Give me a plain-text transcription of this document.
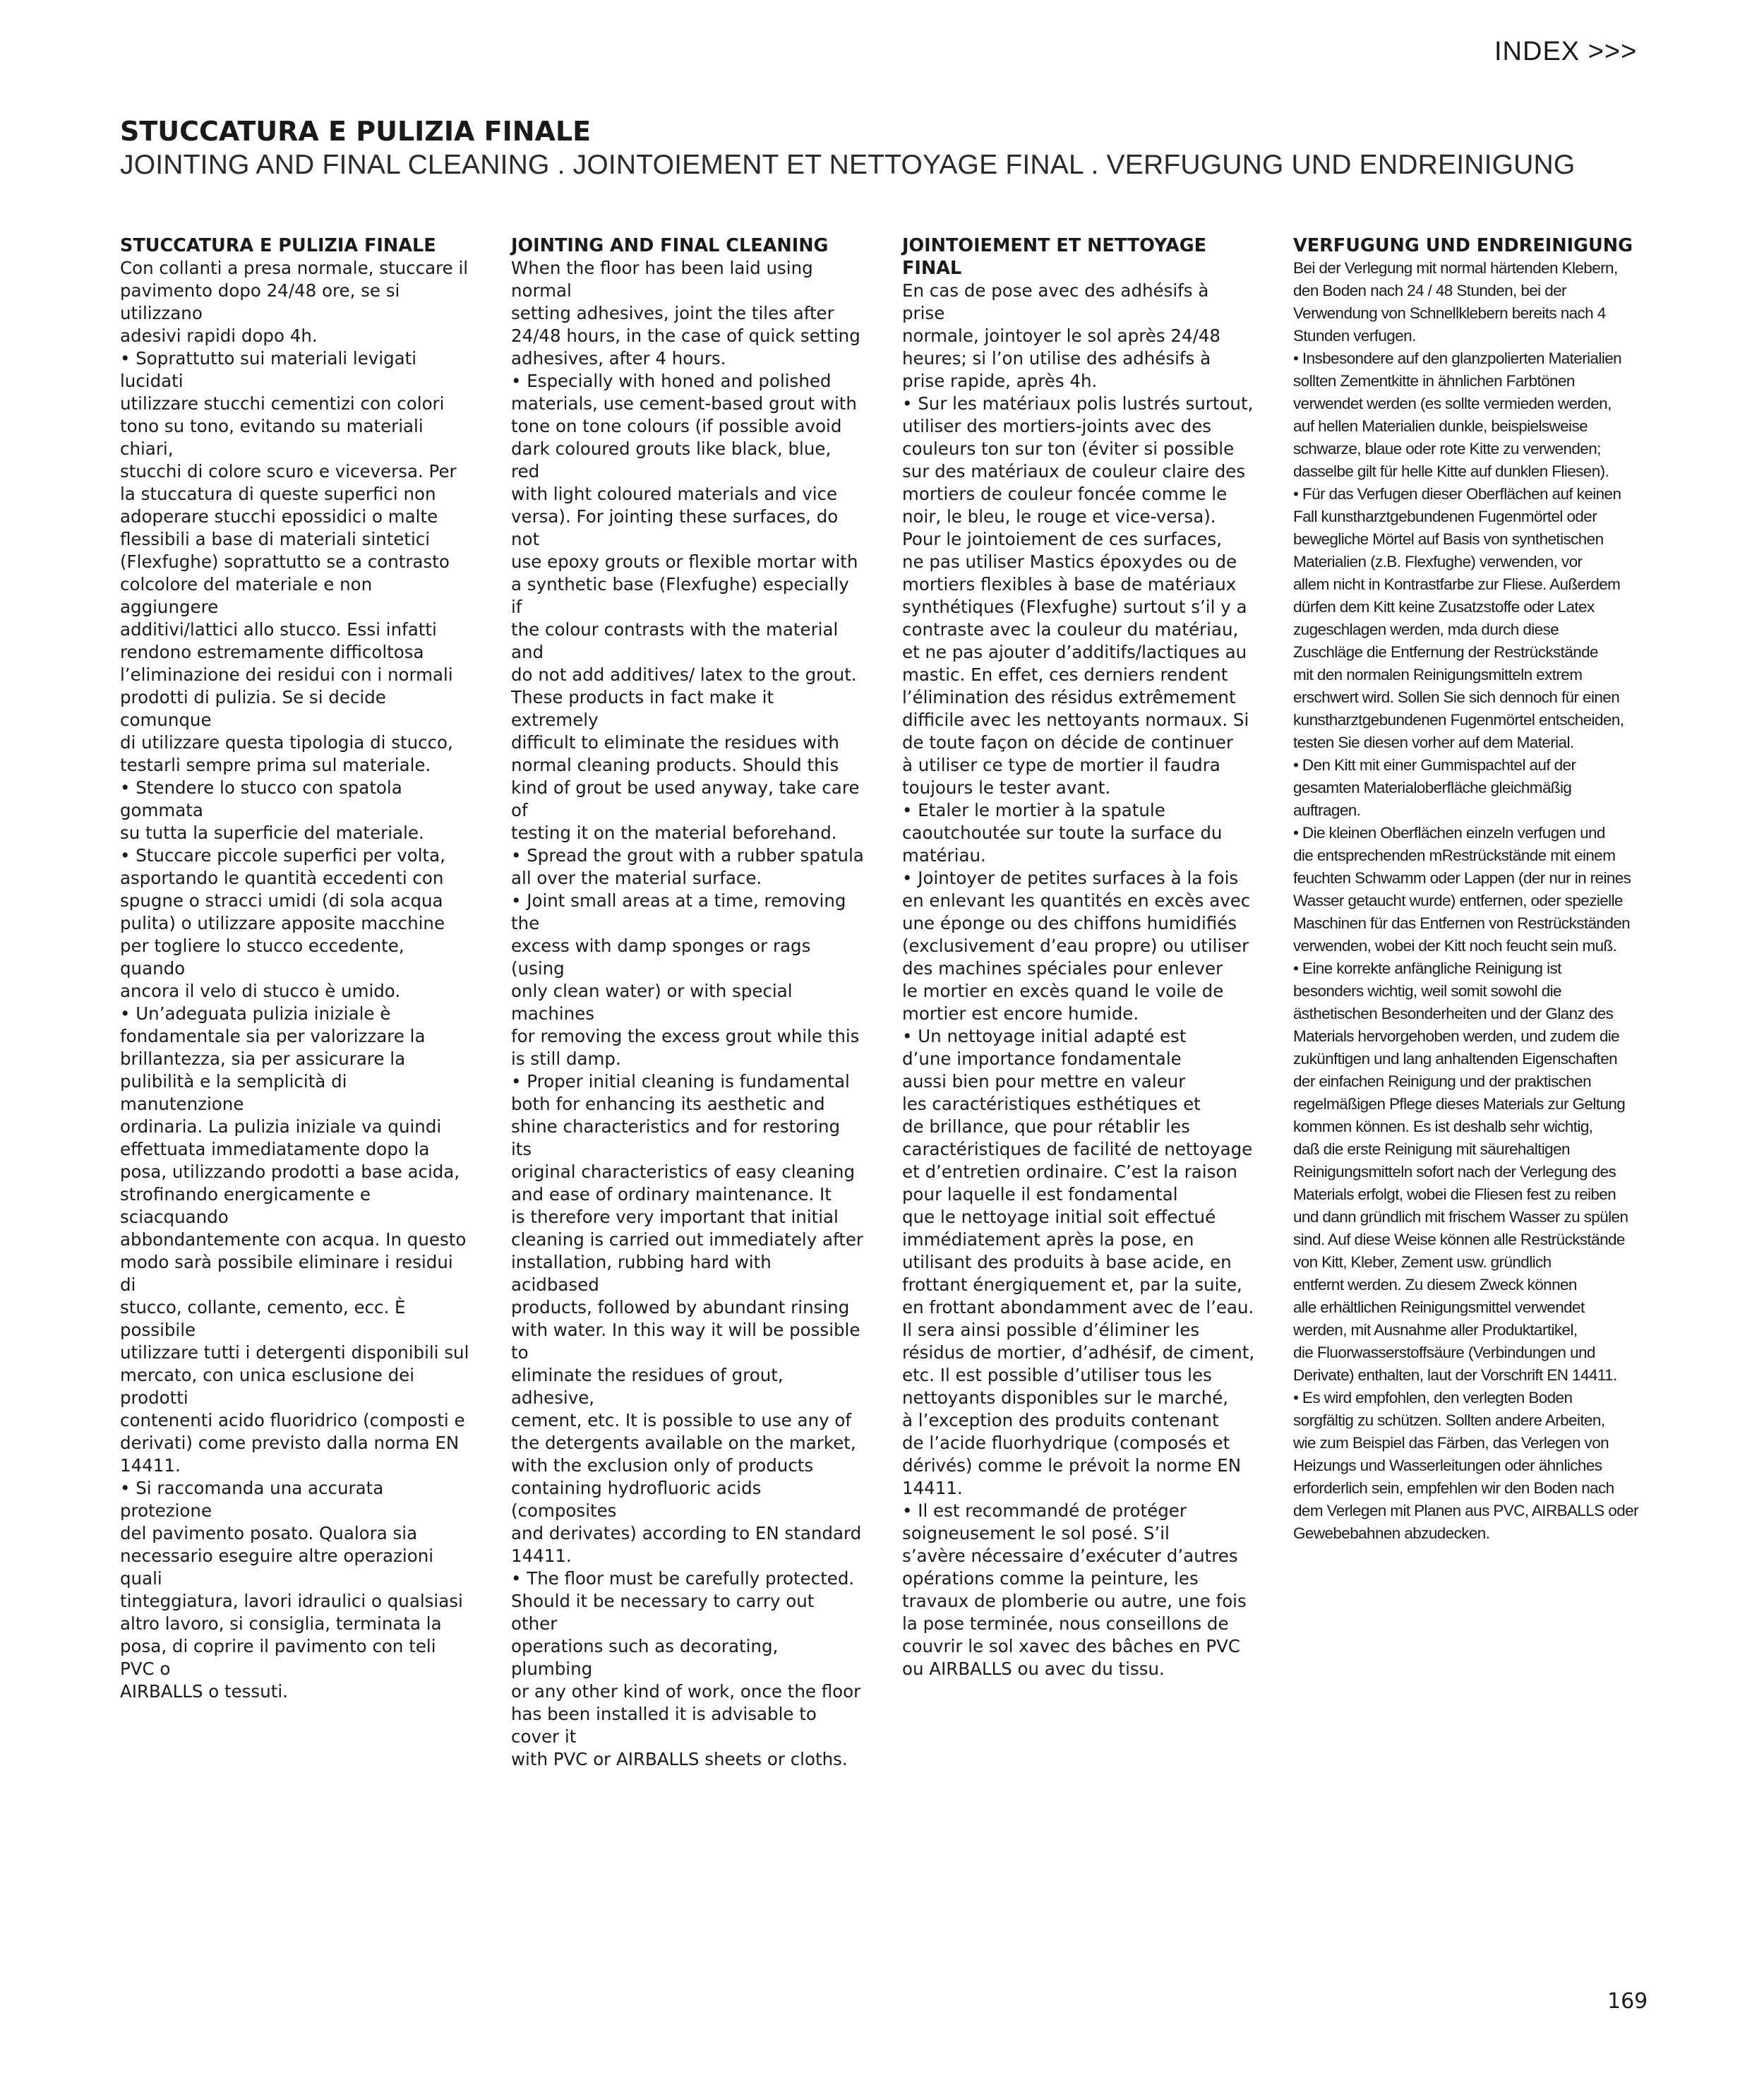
INDEX >>>
STUCCATURA E PULIZIA FINALE
JOINTING AND FINAL CLEANING . JOINTOIEMENT ET NETTOYAGE FINAL . VERFUGUNG UND ENDREINIGUNG
STUCCATURA E PULIZIA FINALE

Con collanti a presa normale, stuccare il
pavimento dopo 24/48 ore, se si utilizzano
adesivi rapidi dopo 4h.
• Soprattutto sui materiali levigati lucidati
utilizzare stucchi cementizi con colori
tono su tono, evitando su materiali chiari,
stucchi di colore scuro e viceversa. Per
la stuccatura di queste superfici non
adoperare stucchi epossidici o malte
flessibili a base di materiali sintetici
(Flexfughe) soprattutto se a contrasto
colcolore del materiale e non aggiungere
additivi/lattici allo stucco. Essi infatti
rendono estremamente difficoltosa
l’eliminazione dei residui con i normali
prodotti di pulizia. Se si decide comunque
di utilizzare questa tipologia di stucco,
testarli sempre prima sul materiale.
• Stendere lo stucco con spatola gommata
su tutta la superficie del materiale.
• Stuccare piccole superfici per volta,
asportando le quantità eccedenti con
spugne o stracci umidi (di sola acqua
pulita) o utilizzare apposite macchine
per togliere lo stucco eccedente, quando
ancora il velo di stucco è umido.
• Un’adeguata pulizia iniziale è
fondamentale sia per valorizzare la
brillantezza, sia per assicurare la
pulibilità e la semplicità di manutenzione
ordinaria. La pulizia iniziale va quindi
effettuata immediatamente dopo la
posa, utilizzando prodotti a base acida,
strofinando energicamente e sciacquando
abbondantemente con acqua. In questo
modo sarà possibile eliminare i residui di
stucco, collante, cemento, ecc. È possibile
utilizzare tutti i detergenti disponibili sul
mercato, con unica esclusione dei prodotti
contenenti acido fluoridrico (composti e
derivati) come previsto dalla norma EN
14411.
• Si raccomanda una accurata protezione
del pavimento posato. Qualora sia
necessario eseguire altre operazioni quali
tinteggiatura, lavori idraulici o qualsiasi
altro lavoro, si consiglia, terminata la
posa, di coprire il pavimento con teli PVC o
AIRBALLS o tessuti.

JOINTING AND FINAL CLEANING

When the floor has been laid using normal
setting adhesives, joint the tiles after
24/48 hours, in the case of quick setting
adhesives, after 4 hours.
• Especially with honed and polished
materials, use cement-based grout with
tone on tone colours (if possible avoid
dark coloured grouts like black, blue, red
with light coloured materials and vice
versa). For jointing these surfaces, do not
use epoxy grouts or flexible mortar with
a synthetic base (Flexfughe) especially if
the colour contrasts with the material and
do not add additives/ latex to the grout.
These products in fact make it extremely
difficult to eliminate the residues with
normal cleaning products. Should this
kind of grout be used anyway, take care of
testing it on the material beforehand.
• Spread the grout with a rubber spatula
all over the material surface.
• Joint small areas at a time, removing the
excess with damp sponges or rags (using
only clean water) or with special machines
for removing the excess grout while this
is still damp.
• Proper initial cleaning is fundamental
both for enhancing its aesthetic and
shine characteristics and for restoring its
original characteristics of easy cleaning
and ease of ordinary maintenance. It
is therefore very important that initial
cleaning is carried out immediately after
installation, rubbing hard with acidbased
products, followed by abundant rinsing
with water. In this way it will be possible to
eliminate the residues of grout, adhesive,
cement, etc. It is possible to use any of
the detergents available on the market,
with the exclusion only of products
containing hydrofluoric acids (composites
and derivates) according to EN standard
14411.
• The floor must be carefully protected.
Should it be necessary to carry out other
operations such as decorating, plumbing
or any other kind of work, once the floor
has been installed it is advisable to cover it
with PVC or AIRBALLS sheets or cloths.

JOINTOIEMENT ET NETTOYAGE FINAL

En cas de pose avec des adhésifs à prise
normale, jointoyer le sol après 24/48
heures; si l’on utilise des adhésifs à
prise rapide, après 4h.
• Sur les matériaux polis lustrés surtout,
utiliser des mortiers-joints avec des
couleurs ton sur ton (éviter si possible
sur des matériaux de couleur claire des
mortiers de couleur foncée comme le
noir, le bleu, le rouge et vice-versa).
Pour le jointoiement de ces surfaces,
ne pas utiliser Mastics époxydes ou de
mortiers flexibles à base de matériaux
synthétiques (Flexfughe) surtout s’il y a
contraste avec la couleur du matériau,
et ne pas ajouter d’additifs/lactiques au
mastic. En effet, ces derniers rendent
l’élimination des résidus extrêmement
difficile avec les nettoyants normaux. Si
de toute façon on décide de continuer
à utiliser ce type de mortier il faudra
toujours le tester avant.
• Etaler le mortier à la spatule
caoutchoutée sur toute la surface du
matériau.
• Jointoyer de petites surfaces à la fois
en enlevant les quantités en excès avec
une éponge ou des chiffons humidifiés
(exclusivement d’eau propre) ou utiliser
des machines spéciales pour enlever
le mortier en excès quand le voile de
mortier est encore humide.
• Un nettoyage initial adapté est
d’une importance fondamentale
aussi bien pour mettre en valeur
les caractéristiques esthétiques et
de brillance, que pour rétablir les
caractéristiques de facilité de nettoyage
et d’entretien ordinaire. C’est la raison
pour laquelle il est fondamental
que le nettoyage initial soit effectué
immédiatement après la pose, en
utilisant des produits à base acide, en
frottant énergiquement et, par la suite,
en frottant abondamment avec de l’eau.
Il sera ainsi possible d’éliminer les
résidus de mortier, d’adhésif, de ciment,
etc. Il est possible d’utiliser tous les
nettoyants disponibles sur le marché,
à l’exception des produits contenant
de l’acide fluorhydrique (composés et
dérivés) comme le prévoit la norme EN
14411.
• Il est recommandé de protéger
soigneusement le sol posé. S’il
s’avère nécessaire d’exécuter d’autres
opérations comme la peinture, les
travaux de plomberie ou autre, une fois
la pose terminée, nous conseillons de
couvrir le sol xavec des bâches en PVC
ou AIRBALLS ou avec du tissu.

VERFUGUNG UND ENDREINIGUNG

Bei der Verlegung mit normal härtenden Klebern,
den Boden nach 24 / 48 Stunden, bei der
Verwendung von Schnellklebern bereits nach 4
Stunden verfugen.
• Insbesondere auf den glanzpolierten Materialien
sollten Zementkitte in ähnlichen Farbtönen
verwendet werden (es sollte vermieden werden,
auf hellen Materialien dunkle, beispielsweise
schwarze, blaue oder rote Kitte zu verwenden;
dasselbe gilt für helle Kitte auf dunklen Fliesen).
• Für das Verfugen dieser Oberflächen auf keinen
Fall kunstharztgebundenen Fugenmörtel oder
bewegliche Mörtel auf Basis von synthetischen
Materialien (z.B. Flexfughe) verwenden, vor
allem nicht in Kontrastfarbe zur Fliese. Außerdem
dürfen dem Kitt keine Zusatzstoffe oder Latex
zugeschlagen werden, mda durch diese
Zuschläge die Entfernung der Restrückstände
mit den normalen Reinigungsmitteln extrem
erschwert wird. Sollen Sie sich dennoch für einen
kunstharztgebundenen Fugenmörtel entscheiden,
testen Sie diesen vorher auf dem Material.
• Den Kitt mit einer Gummispachtel auf der
gesamten Materialoberfläche gleichmäßig
auftragen.
• Die kleinen Oberflächen einzeln verfugen und
die entsprechenden mRestrückstände mit einem
feuchten Schwamm oder Lappen (der nur in reines
Wasser getaucht wurde) entfernen, oder spezielle
Maschinen für das Entfernen von Restrückständen
verwenden, wobei der Kitt noch feucht sein muß.
• Eine korrekte anfängliche Reinigung ist
besonders wichtig, weil somit sowohl die
ästhetischen Besonderheiten und der Glanz des
Materials hervorgehoben werden, und zudem die
zukünftigen und lang anhaltenden Eigenschaften
der einfachen Reinigung und der praktischen
regelmäßigen Pflege dieses Materials zur Geltung
kommen können. Es ist deshalb sehr wichtig,
daß die erste Reinigung mit säurehaltigen
Reinigungsmitteln sofort nach der Verlegung des
Materials erfolgt, wobei die Fliesen fest zu reiben
und dann gründlich mit frischem Wasser zu spülen
sind. Auf diese Weise können alle Restrückstände
von Kitt, Kleber, Zement usw. gründlich
entfernt werden. Zu diesem Zweck können
alle erhältlichen Reinigungsmittel verwendet
werden, mit Ausnahme aller Produktartikel,
die Fluorwasserstoffsäure (Verbindungen und
Derivate) enthalten, laut der Vorschrift EN 14411.
• Es wird empfohlen, den verlegten Boden
sorgfältig zu schützen. Sollten andere Arbeiten,
wie zum Beispiel das Färben, das Verlegen von
Heizungs und Wasserleitungen oder ähnliches
erforderlich sein, empfehlen wir den Boden nach
dem Verlegen mit Planen aus PVC, AIRBALLS oder
Gewebebahnen abzudecken.

169
